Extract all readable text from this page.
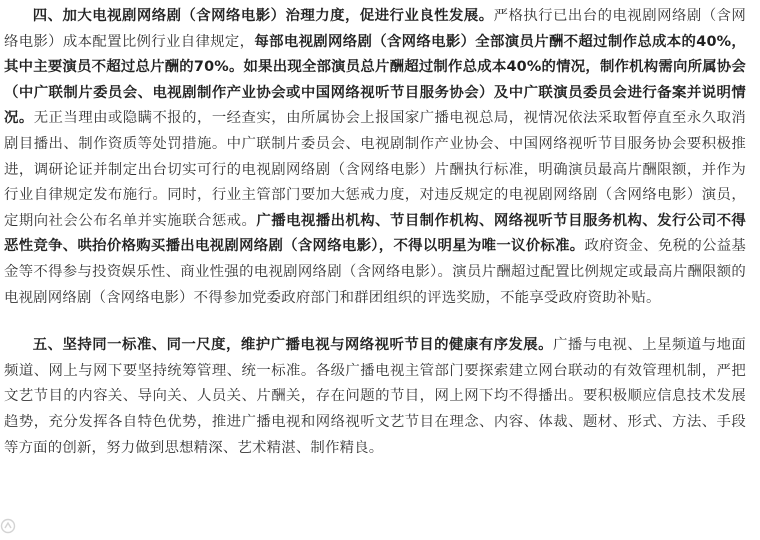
四、加大电视剧网络剧（含网络电影）治理力度，促进行业良性发展。严格执行已出台的电视剧网络剧（含网络电影）成本配置比例行业自律规定，每部电视剧网络剧（含网络电影）全部演员片酬不超过制作总成本的40%，其中主要演员不超过总片酬的70%。如果出现全部演员总片酬超过制作总成本40%的情况，制作机构需向所属协会（中广联制片委员会、电视剧制作产业协会或中国网络视听节目服务协会）及中广联演员委员会进行备案并说明情况。无正当理由或隐瞒不报的，一经查实，由所属协会上报国家广播电视总局，视情况依法采取暂停直至永久取消剧目播出、制作资质等处罚措施。中广联制片委员会、电视剧制作产业协会、中国网络视听节目服务协会要积极推进，调研论证并制定出台切实可行的电视剧网络剧（含网络电影）片酬执行标准，明确演员最高片酬限额，并作为行业自律规定发布施行。同时，行业主管部门要加大惩戒力度，对违反规定的电视剧网络剧（含网络电影）演员，定期向社会公布名单并实施联合惩戒。广播电视播出机构、节目制作机构、网络视听节目服务机构、发行公司不得恶性竞争、哄抬价格购买播出电视剧网络剧（含网络电影），不得以明星为唯一议价标准。政府资金、免税的公益基金等不得参与投资娱乐性、商业性强的电视剧网络剧（含网络电影）。演员片酬超过配置比例规定或最高片酬限额的电视剧网络剧（含网络电影）不得参加党委政府部门和群团组织的评选奖励，不能享受政府资助补贴。

五、坚持同一标准、同一尺度，维护广播电视与网络视听节目的健康有序发展。广播与电视、上星频道与地面频道、网上与网下要坚持统筹管理、统一标准。各级广播电视主管部门要探索建立网台联动的有效管理机制，严把文艺节目的内容关、导向关、人员关、片酬关，存在问题的节目，网上网下均不得播出。要积极顺应信息技术发展趋势，充分发挥各自特色优势，推进广播电视和网络视听文艺节目在理念、内容、体裁、题材、形式、方法、手段等方面的创新，努力做到思想精深、艺术精湛、制作精良。
